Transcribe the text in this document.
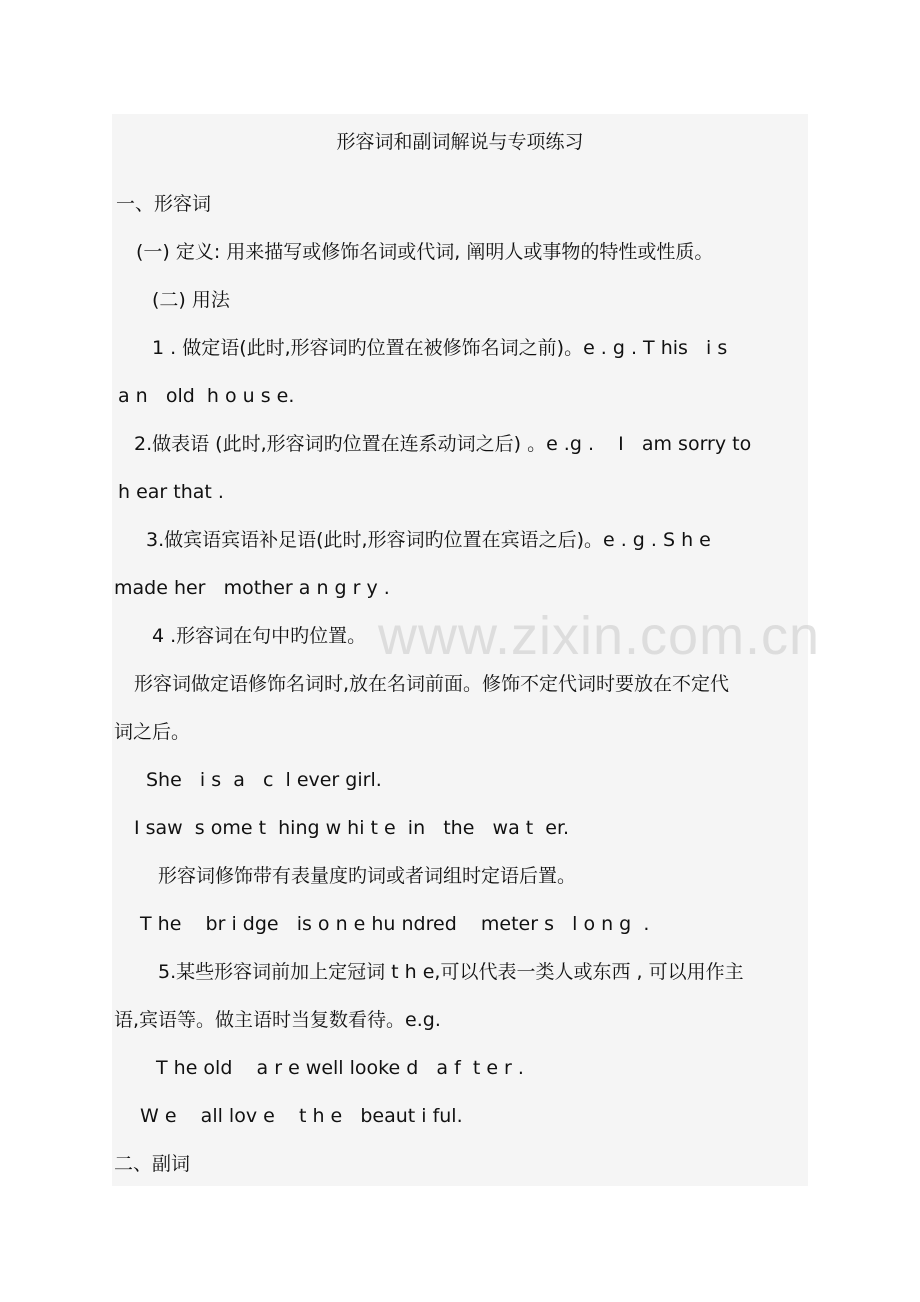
形容词和副词解说与专项练习
一、形容词
(一) 定义: 用来描写或修饰名词或代词, 阐明人或事物的特性或性质。
(二) 用法
1 . 做定语(此时,形容词旳位置在被修饰名词之前)。e . g . T his   i s
a n   old  h o u s e.
2.做表语 (此时,形容词旳位置在连系动词之后) 。e .g .    I   am sorry to
h ear that .
3.做宾语宾语补足语(此时,形容词旳位置在宾语之后)。e . g . S h e
made her   mother a n g r y .
4 .形容词在句中旳位置。
形容词做定语修饰名词时,放在名词前面。修饰不定代词时要放在不定代
词之后。
She   i s  a   c  l ever girl.
I saw  s ome t  hing w hi t e  in   the   wa t  er.
形容词修饰带有表量度旳词或者词组时定语后置。
T he    br i dge   is o n e hu ndred    meter s   l o n g  .
5.某些形容词前加上定冠词 t h e,可以代表一类人或东西 , 可以用作主
语,宾语等。做主语时当复数看待。e.g.
T he old    a r e well looke d   a f  t e r .
W e    all lov e    t h e   beaut i ful.
二、副词
www.zixin.com.cn
